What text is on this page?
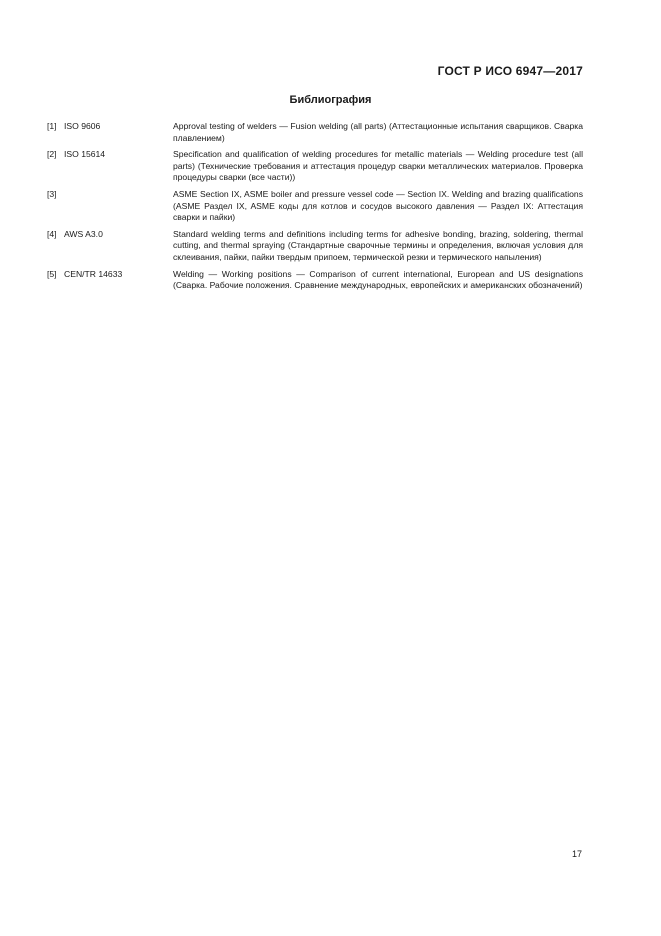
ГОСТ Р ИСО 6947—2017
Библиография
[1] ISO 9606	Approval testing of welders — Fusion welding (all parts) (Аттестационные испытания сварщиков. Сварка плавлением)
[2] ISO 15614	Specification and qualification of welding procedures for metallic materials — Welding procedure test (all parts) (Технические требования и аттестация процедур сварки металлических материалов. Проверка процедуры сварки (все части))
[3]	ASME Section IX, ASME boiler and pressure vessel code — Section IX. Welding and brazing qualifications (ASME Раздел IX, ASME коды для котлов и сосудов высокого давления — Раздел IX: Аттестация сварки и пайки)
[4] AWS A3.0	Standard welding terms and definitions including terms for adhesive bonding, brazing, soldering, thermal cutting, and thermal spraying (Стандартные сварочные термины и определения, включая условия для склеивания, пайки, пайки твердым припоем, термической резки и термического напыления)
[5] CEN/TR 14633	Welding — Working positions — Comparison of current international, European and US designations (Сварка. Рабочие положения. Сравнение международных, европейских и американских обозначений)
17
